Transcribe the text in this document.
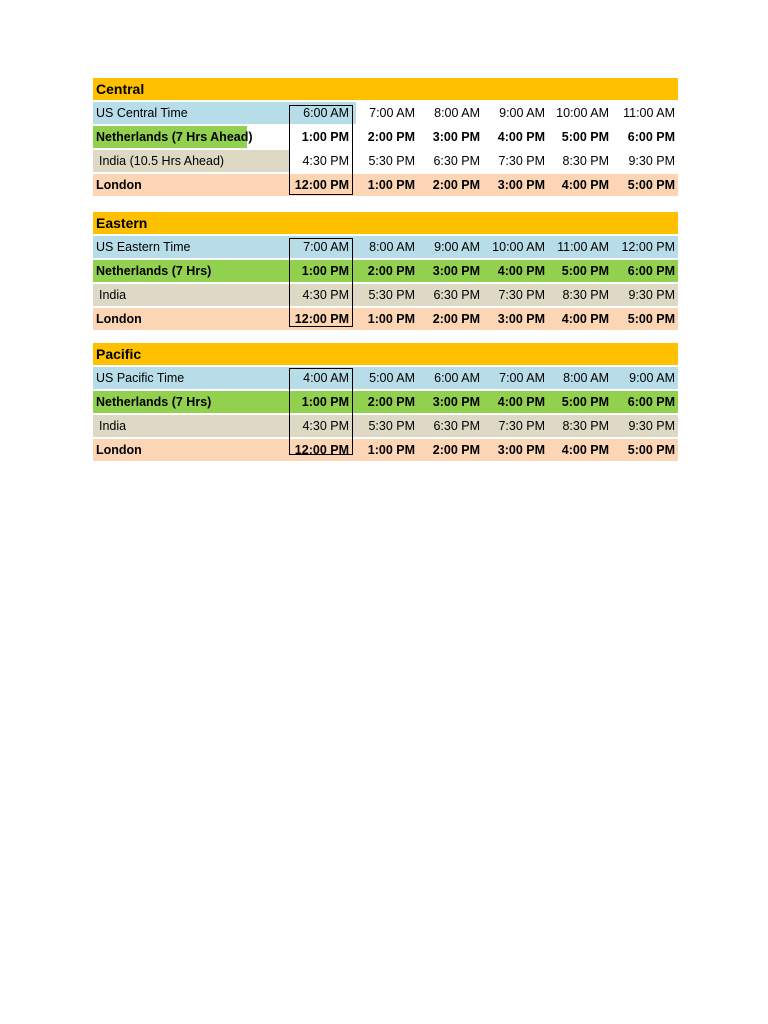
Central
US Central Time	6:00 AM	7:00 AM	8:00 AM	9:00 AM 10:00 AM	11:00 AM
Netherlands (7 Hrs Ahead)	1:00 PM	2:00 PM	3:00 PM	4:00 PM	5:00 PM	6:00 PM
India (10.5 Hrs Ahead)	4:30 PM	5:30 PM	6:30 PM	7:30 PM	8:30 PM	9:30 PM
London	12:00 PM	1:00 PM	2:00 PM	3:00 PM	4:00 PM	5:00 PM
Eastern
US Eastern Time	7:00 AM	8:00 AM	9:00 AM 10:00 AM 11:00 AM 12:00 PM
Netherlands (7 Hrs)	1:00 PM	2:00 PM	3:00 PM	4:00 PM	5:00 PM	6:00 PM
India	4:30 PM	5:30 PM	6:30 PM	7:30 PM	8:30 PM	9:30 PM
London	12:00 PM	1:00 PM	2:00 PM	3:00 PM	4:00 PM	5:00 PM
Pacific
US Pacific Time	4:00 AM	5:00 AM	6:00 AM	7:00 AM	8:00 AM	9:00 AM
Netherlands (7 Hrs)	1:00 PM	2:00 PM	3:00 PM	4:00 PM	5:00 PM	6:00 PM
India	4:30 PM	5:30 PM	6:30 PM	7:30 PM	8:30 PM	9:30 PM
London	12:00 PM	1:00 PM	2:00 PM	3:00 PM	4:00 PM	5:00 PM
